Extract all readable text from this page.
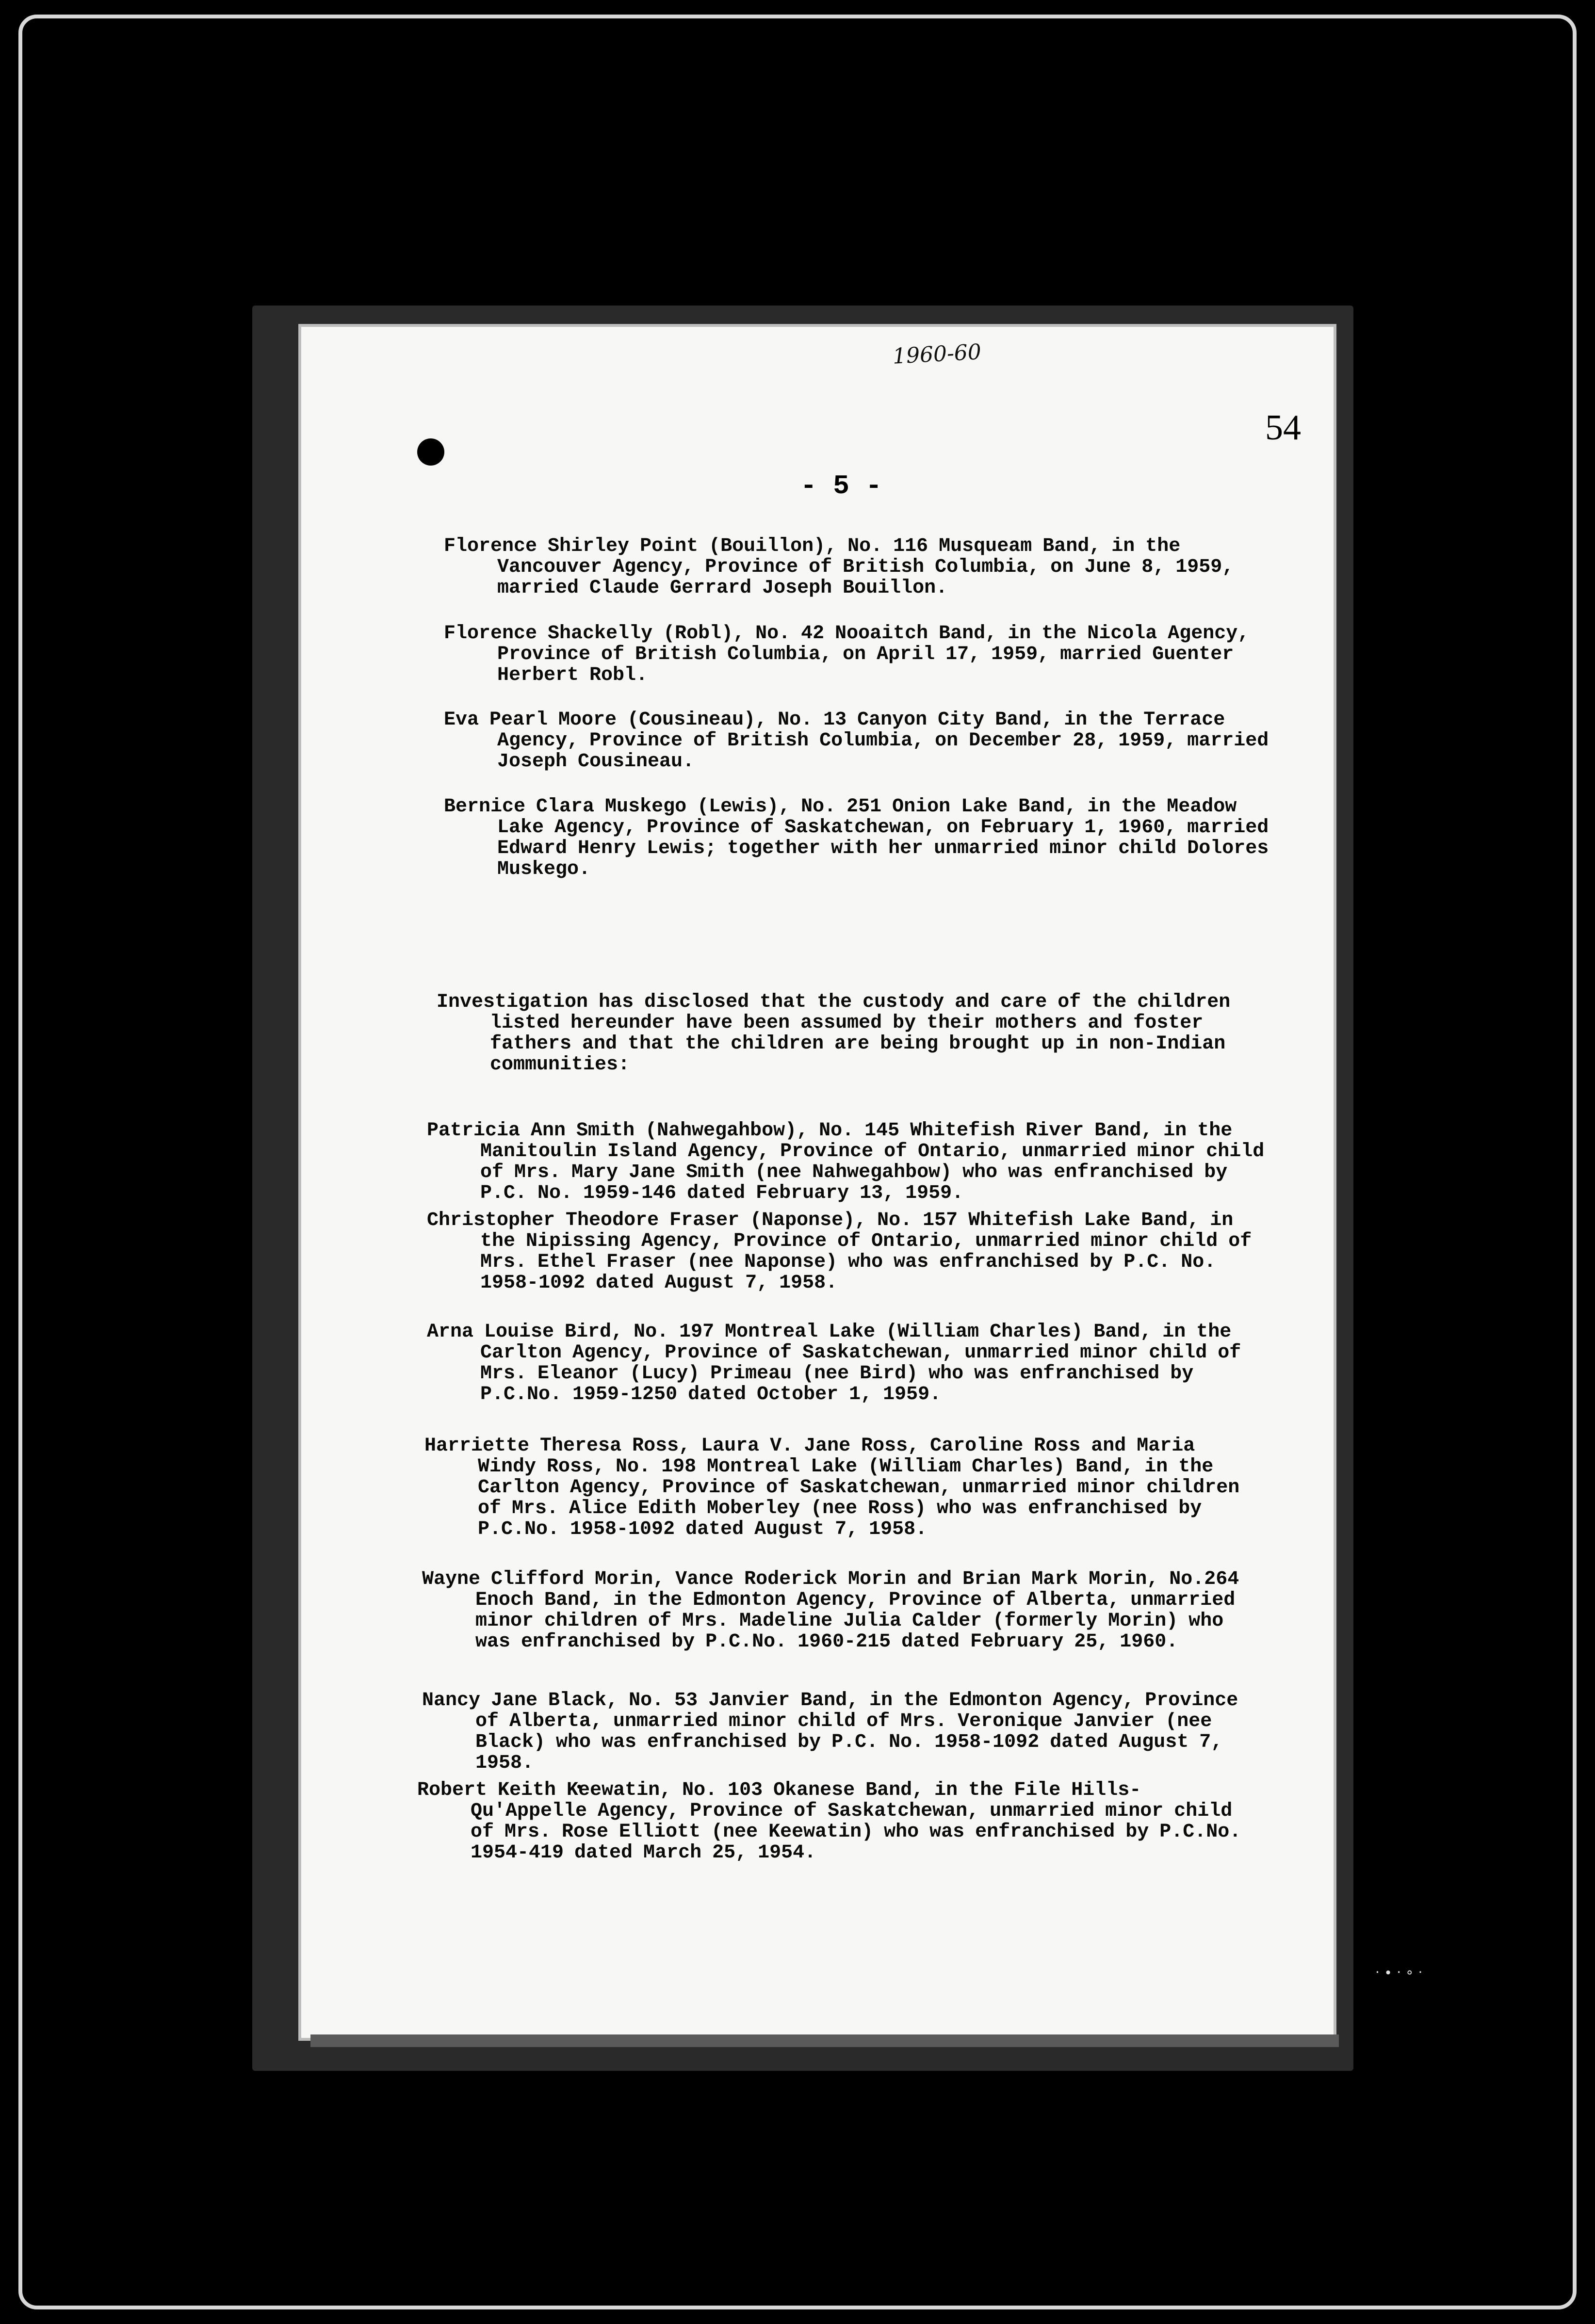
1960-60
54
- 5 -
Florence Shirley Point (Bouillon), No. 116 Musqueam Band, in the Vancouver Agency, Province of British Columbia, on June 8, 1959, married Claude Gerrard Joseph Bouillon.
Florence Shackelly (Robl), No. 42 Nooaitch Band, in the Nicola Agency, Province of British Columbia, on April 17, 1959, married Guenter Herbert Robl.
Eva Pearl Moore (Cousineau), No. 13 Canyon City Band, in the Terrace Agency, Province of British Columbia, on December 28, 1959, married Joseph Cousineau.
Bernice Clara Muskego (Lewis), No. 251 Onion Lake Band, in the Meadow Lake Agency, Province of Saskatchewan, on February 1, 1960, married Edward Henry Lewis; together with her unmarried minor child Dolores Muskego.
Investigation has disclosed that the custody and care of the children listed hereunder have been assumed by their mothers and foster fathers and that the children are being brought up in non-Indian communities:
Patricia Ann Smith (Nahwegahbow), No. 145 Whitefish River Band, in the Manitoulin Island Agency, Province of Ontario, unmarried minor child of Mrs. Mary Jane Smith (nee Nahwegahbow) who was enfranchised by P.C. No. 1959-146 dated February 13, 1959.
Christopher Theodore Fraser (Naponse), No. 157 Whitefish Lake Band, in the Nipissing Agency, Province of Ontario, unmarried minor child of Mrs. Ethel Fraser (nee Naponse) who was enfranchised by P.C. No. 1958-1092 dated August 7, 1958.
Arna Louise Bird, No. 197 Montreal Lake (William Charles) Band, in the Carlton Agency, Province of Saskatchewan, unmarried minor child of Mrs. Eleanor (Lucy) Primeau (nee Bird) who was enfranchised by P.C.No. 1959-1250 dated October 1, 1959.
Harriette Theresa Ross, Laura V. Jane Ross, Caroline Ross and Maria Windy Ross, No. 198 Montreal Lake (William Charles) Band, in the Carlton Agency, Province of Saskatchewan, unmarried minor children of Mrs. Alice Edith Moberley (nee Ross) who was enfranchised by P.C.No. 1958-1092 dated August 7, 1958.
Wayne Clifford Morin, Vance Roderick Morin and Brian Mark Morin, No.264 Enoch Band, in the Edmonton Agency, Province of Alberta, unmarried minor children of Mrs. Madeline Julia Calder (formerly Morin) who was enfranchised by P.C.No. 1960-215 dated February 25, 1960.
Nancy Jane Black, No. 53 Janvier Band, in the Edmonton Agency, Province of Alberta, unmarried minor child of Mrs. Veronique Janvier (nee Black) who was enfranchised by P.C. No. 1958-1092 dated August 7, 1958.
Robert Keith Keewatin, No. 103 Okanese Band, in the File Hills-Qu'Appelle Agency, Province of Saskatchewan, unmarried minor child of Mrs. Rose Elliott (nee Keewatin) who was enfranchised by P.C.No. 1954-419 dated March 25, 1954.
· ∙ · ∘ ·
